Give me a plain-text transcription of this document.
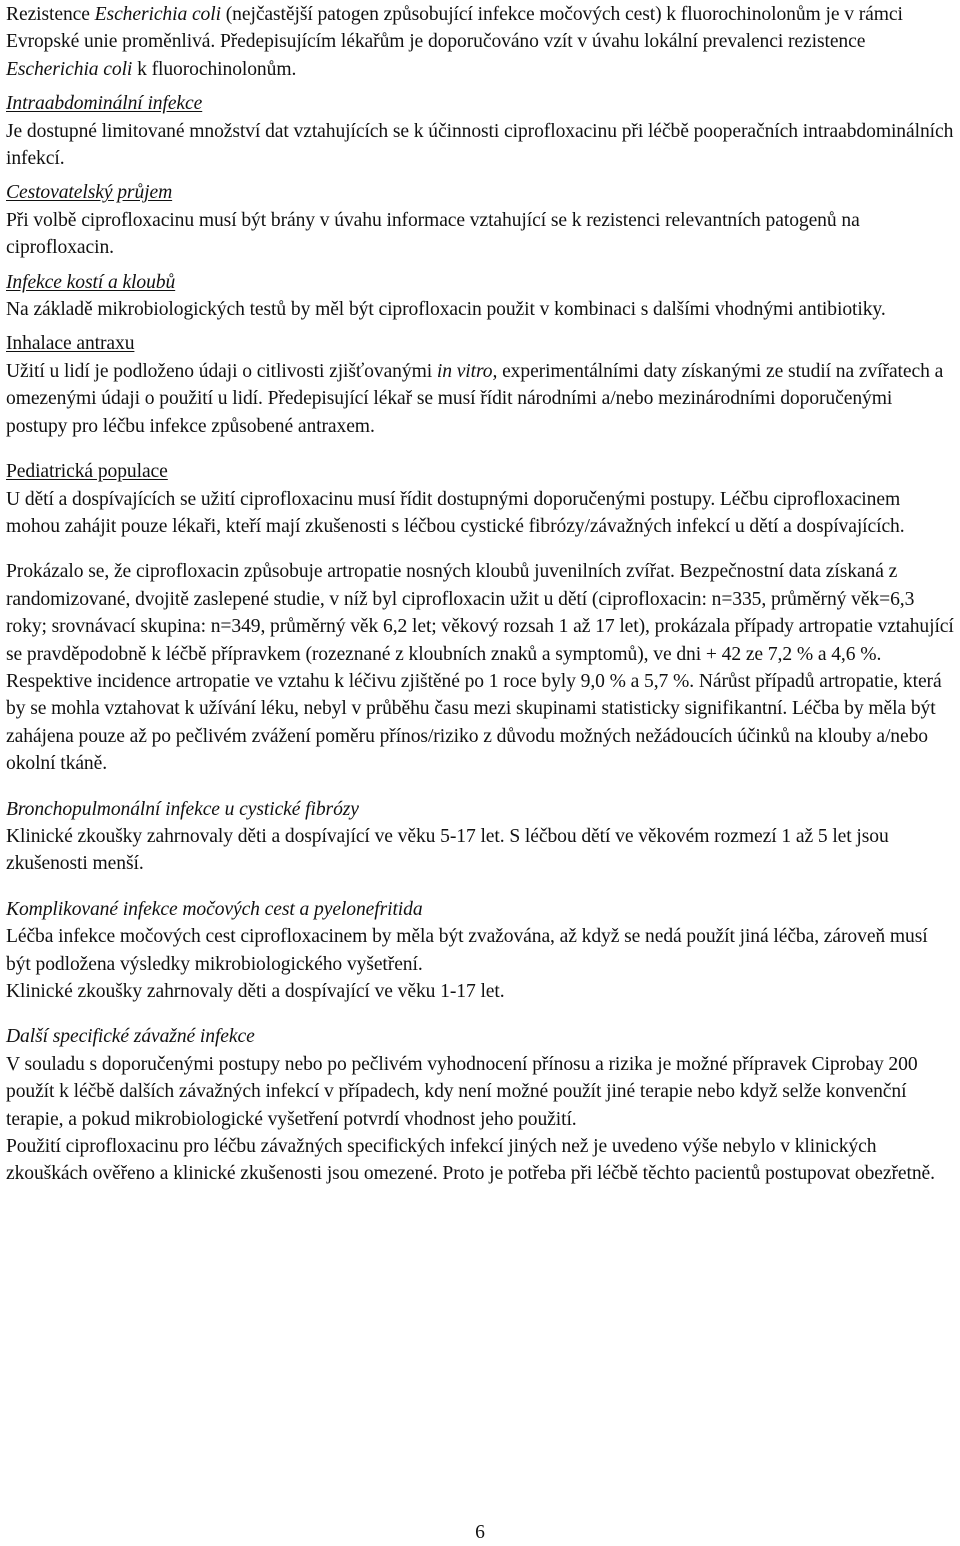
Rezistence Escherichia coli (nejčastější patogen způsobující infekce močových cest) k fluorochinolonům je v rámci Evropské unie proměnlivá. Předepisujícím lékařům je doporučováno vzít v úvahu lokální prevalenci rezistence Escherichia coli k fluorochinolonům.

Intraabdominální infekce

Je dostupné limitované množství dat vztahujících se k účinnosti ciprofloxacinu při léčbě pooperačních intraabdominálních infekcí.

Cestovatelský průjem

Při volbě ciprofloxacinu musí být brány v úvahu informace vztahující se k rezistenci relevantních patogenů na ciprofloxacin.

Infekce kostí a kloubů

Na základě mikrobiologických testů by měl být ciprofloxacin použit v kombinaci s dalšími vhodnými antibiotiky.

Inhalace antraxu

Užití u lidí je podloženo údaji o citlivosti zjišťovanými in vitro, experimentálními daty získanými ze studií na zvířatech a omezenými údaji o použití u lidí. Předepisující lékař se musí řídit národními a/nebo mezinárodními doporučenými postupy pro léčbu infekce způsobené antraxem.

Pediatrická populace

U dětí a dospívajících se užití ciprofloxacinu musí řídit dostupnými doporučenými postupy. Léčbu ciprofloxacinem mohou zahájit pouze lékaři, kteří mají zkušenosti s léčbou cystické fibrózy/závažných infekcí u dětí a dospívajících.

Prokázalo se, že ciprofloxacin způsobuje artropatie nosných kloubů juvenilních zvířat. Bezpečnostní data získaná z randomizované, dvojitě zaslepené studie, v níž byl ciprofloxacin užit u dětí (ciprofloxacin: n=335, průměrný věk=6,3 roky; srovnávací skupina: n=349, průměrný věk 6,2 let; věkový rozsah 1 až 17 let), prokázala případy artropatie vztahující se pravděpodobně k léčbě přípravkem (rozeznané z kloubních znaků a symptomů), ve dni + 42 ze 7,2 % a 4,6 %. Respektive incidence artropatie ve vztahu k léčivu zjištěné po 1 roce byly 9,0 % a 5,7 %. Nárůst případů artropatie, která by se mohla vztahovat k užívání léku, nebyl v průběhu času mezi skupinami statisticky signifikantní. Léčba by měla být zahájena pouze až po pečlivém zvážení poměru přínos/riziko z důvodu možných nežádoucích účinků na klouby a/nebo okolní tkáně.

Bronchopulmonální infekce u cystické fibrózy

Klinické zkoušky zahrnovaly děti a dospívající ve věku 5-17 let. S léčbou dětí ve věkovém rozmezí 1 až 5 let jsou zkušenosti menší.

Komplikované infekce močových cest a pyelonefritida

Léčba infekce močových cest ciprofloxacinem by měla být zvažována, až když se nedá použít jiná léčba, zároveň musí být podložena výsledky mikrobiologického vyšetření.

Klinické zkoušky zahrnovaly děti a dospívající ve věku 1-17 let.

Další specifické závažné infekce

V souladu s doporučenými postupy nebo po pečlivém vyhodnocení přínosu a rizika je možné přípravek Ciprobay 200 použít k léčbě dalších závažných infekcí v případech, kdy není možné použít jiné terapie nebo když selže konvenční terapie, a pokud mikrobiologické vyšetření potvrdí vhodnost jeho použití.

Použití ciprofloxacinu pro léčbu závažných specifických infekcí jiných než je uvedeno výše nebylo v klinických zkouškách ověřeno a klinické zkušenosti jsou omezené. Proto je potřeba při léčbě těchto pacientů postupovat obezřetně.

6
